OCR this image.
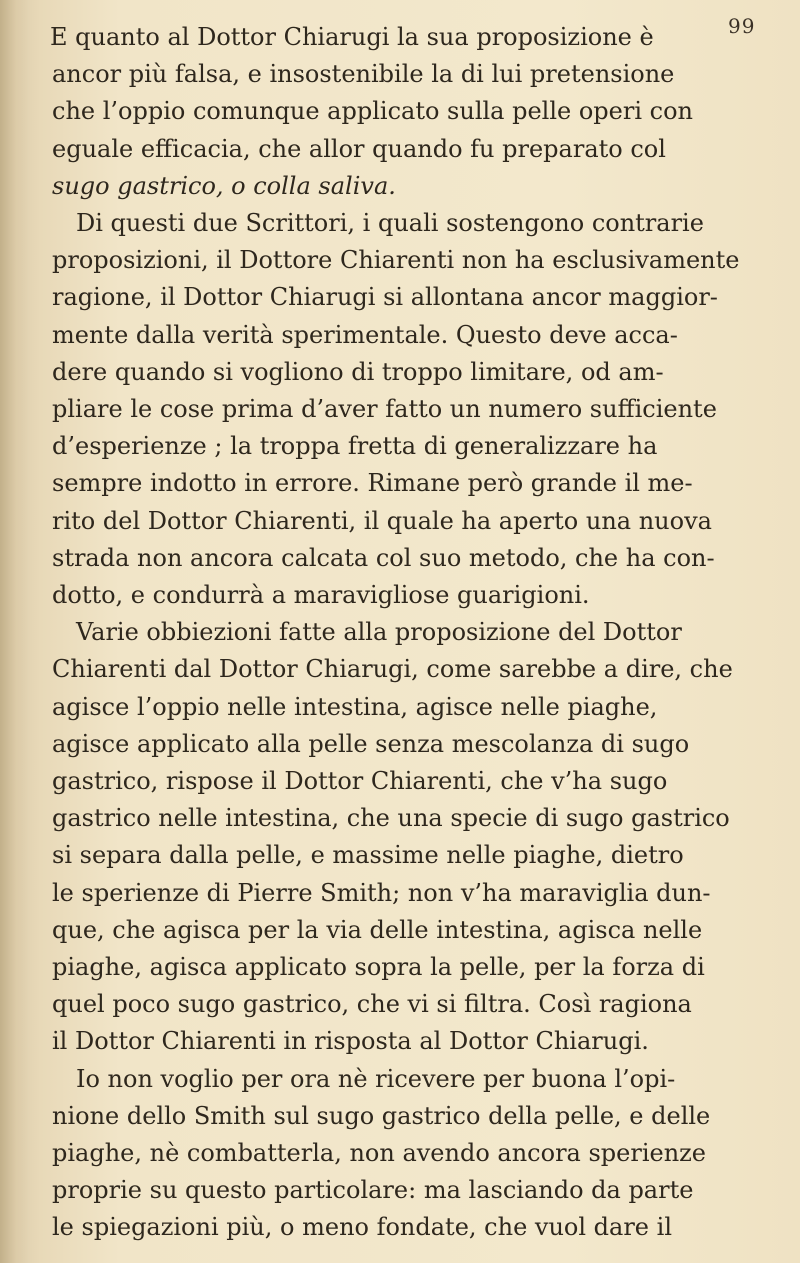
99
E quanto al Dottor Chiarugi la sua proposizione è
ancor più falsa, e insostenibile la di lui pretensione
che l’oppio comunque applicato sulla pelle operi con
eguale efficacia, che allor quando fu preparato col
sugo gastrico, o colla saliva.
Di questi due Scrittori, i quali sostengono contrarie
proposizioni, il Dottore Chiarenti non ha esclusivamente
ragione, il Dottor Chiarugi si allontana ancor maggior-
mente dalla verità sperimentale. Questo deve acca-
dere quando si vogliono di troppo limitare, od am-
pliare le cose prima d’aver fatto un numero sufficiente
d’esperienze ; la troppa fretta di generalizzare ha
sempre indotto in errore. Rimane però grande il me-
rito del Dottor Chiarenti, il quale ha aperto una nuova
strada non ancora calcata col suo metodo, che ha con-
dotto, e condurrà a maravigliose guarigioni.
Varie obbiezioni fatte alla proposizione del Dottor
Chiarenti dal Dottor Chiarugi, come sarebbe a dire, che
agisce l’oppio nelle intestina, agisce nelle piaghe,
agisce applicato alla pelle senza mescolanza di sugo
gastrico, rispose il Dottor Chiarenti, che v’ha sugo
gastrico nelle intestina, che una specie di sugo gastrico
si separa dalla pelle, e massime nelle piaghe, dietro
le sperienze di Pierre Smith; non v’ha maraviglia dun-
que, che agisca per la via delle intestina, agisca nelle
piaghe, agisca applicato sopra la pelle, per la forza di
quel poco sugo gastrico, che vi si filtra. Così ragiona
il Dottor Chiarenti in risposta al Dottor Chiarugi.
Io non voglio per ora nè ricevere per buona l’opi-
nione dello Smith sul sugo gastrico della pelle, e delle
piaghe, nè combatterla, non avendo ancora sperienze
proprie su questo particolare: ma lasciando da parte
le spiegazioni più, o meno fondate, che vuol dare il
